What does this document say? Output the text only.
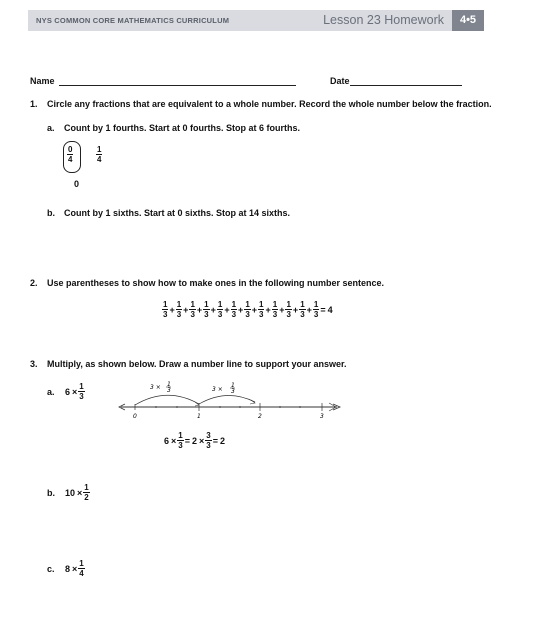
NYS COMMON CORE MATHEMATICS CURRICULUM	Lesson 23 Homework	4•5
Name	Date
1. Circle any fractions that are equivalent to a whole number. Record the whole number below the fraction.
a. Count by 1 fourths. Start at 0 fourths. Stop at 6 fourths.
$\frac{0}{4}$	$\frac{1}{4}$
0
b. Count by 1 sixths. Start at 0 sixths. Stop at 14 sixths.
2. Use parentheses to show how to make ones in the following number sentence.
$\frac{1}{3} + \frac{1}{3} + \frac{1}{3} + \frac{1}{3} + \frac{1}{3} + \frac{1}{3} + \frac{1}{3} + \frac{1}{3} + \frac{1}{3} + \frac{1}{3} + \frac{1}{3} + \frac{1}{3} = 4$
3. Multiply, as shown below. Draw a number line to support your answer.
a. $6 \times \frac{1}{3}$	3 × 1
3	3 ×
1
3
0	1	2	3
$6 \times \frac{1}{3} = 2 \times \frac{3}{3} = 2$
b. $10 \times \frac{1}{2}$
c. $8 \times \frac{1}{4}$
